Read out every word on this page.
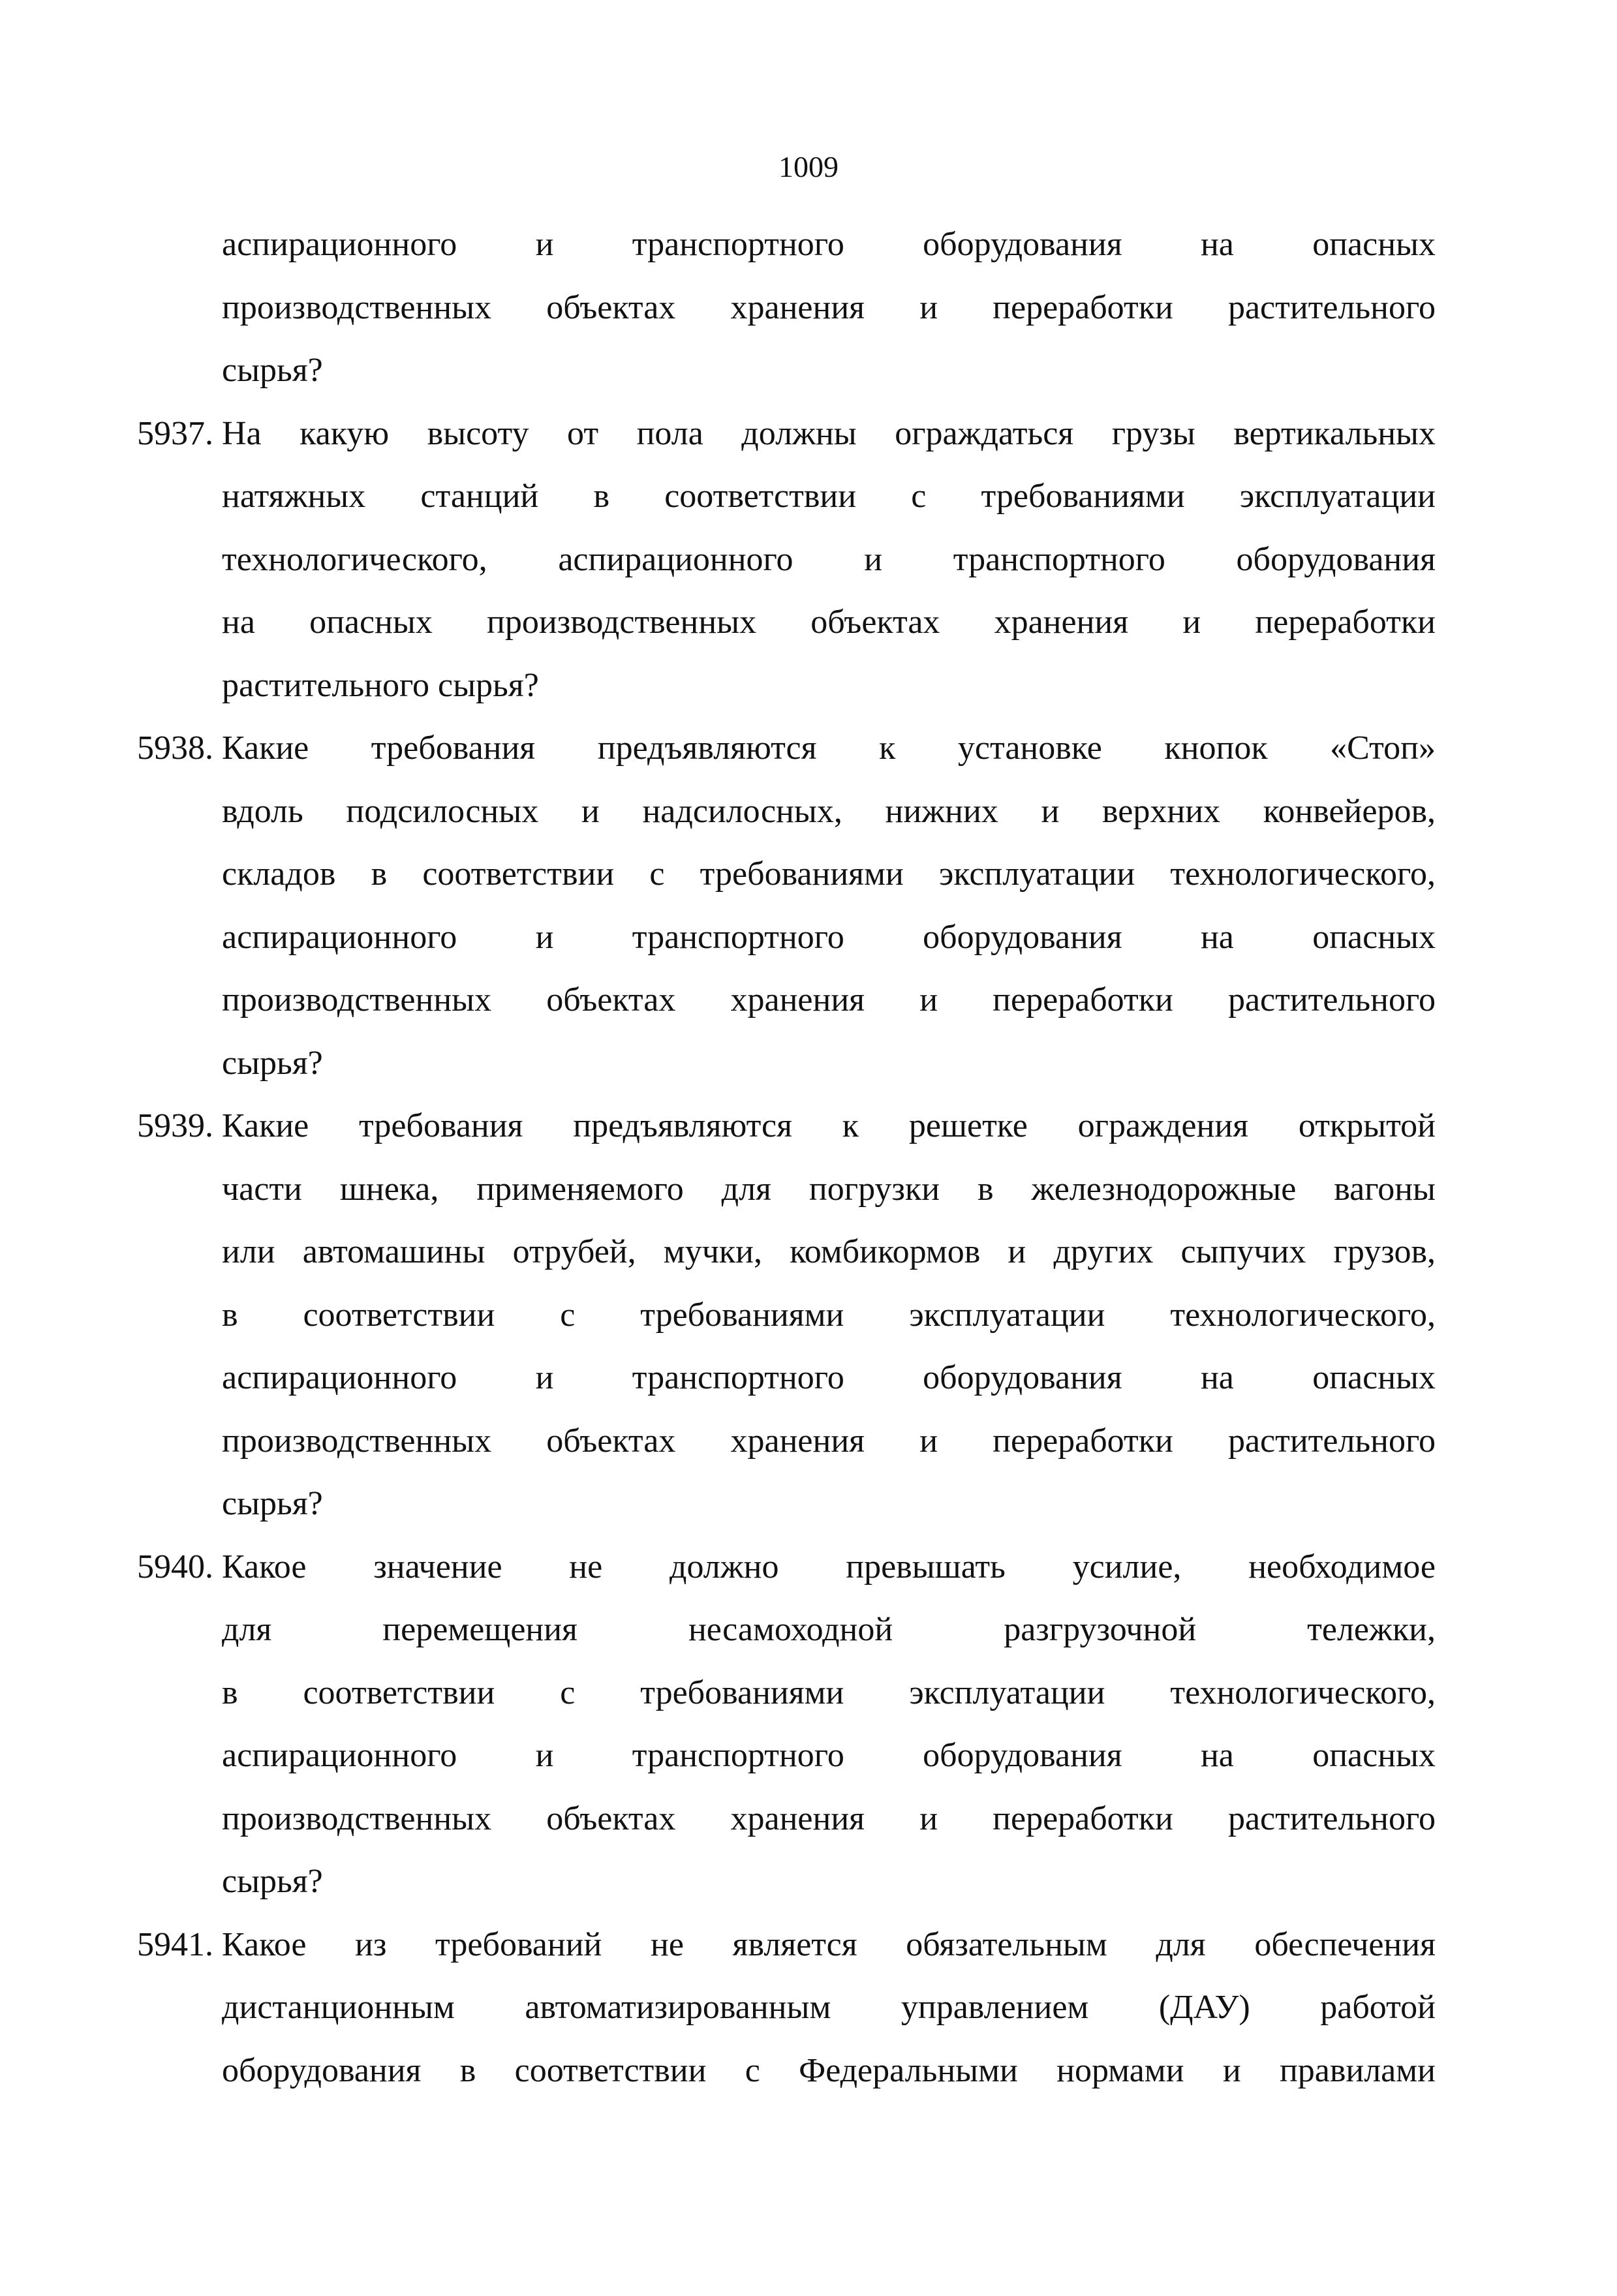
1009
аспирационного и транспортного оборудования на опасных
производственных объектах хранения и переработки растительного
сырья?
5937. На какую высоту от пола должны ограждаться грузы вертикальных
натяжных станций в соответствии с требованиями эксплуатации
технологического, аспирационного и транспортного оборудования
на опасных производственных объектах хранения и переработки
растительного сырья?
5938. Какие требования предъявляются к установке кнопок «Стоп»
вдоль подсилосных и надсилосных, нижних и верхних конвейеров,
складов в соответствии с требованиями эксплуатации технологического,
аспирационного и транспортного оборудования на опасных
производственных объектах хранения и переработки растительного
сырья?
5939. Какие требования предъявляются к решетке ограждения открытой
части шнека, применяемого для погрузки в железнодорожные вагоны
или автомашины отрубей, мучки, комбикормов и других сыпучих грузов,
в соответствии с требованиями эксплуатации технологического,
аспирационного и транспортного оборудования на опасных
производственных объектах хранения и переработки растительного
сырья?
5940. Какое значение не должно превышать усилие, необходимое
для перемещения несамоходной разгрузочной тележки,
в соответствии с требованиями эксплуатации технологического,
аспирационного и транспортного оборудования на опасных
производственных объектах хранения и переработки растительного
сырья?
5941. Какое из требований не является обязательным для обеспечения
дистанционным автоматизированным управлением (ДАУ) работой
оборудования в соответствии с Федеральными нормами и правилами
